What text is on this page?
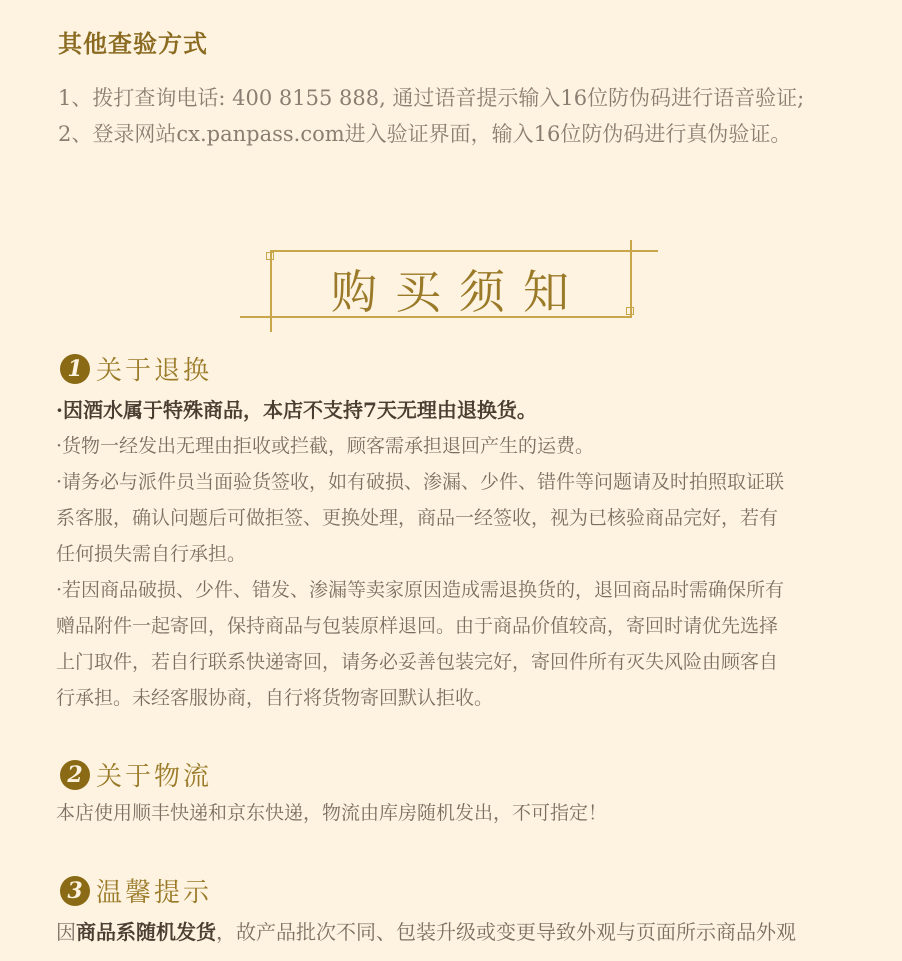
其他查验方式
1、拨打查询电话: 400 8155 888, 通过语音提示输入16位防伪码进行语音验证;
2、登录网站cx.panpass.com进入验证界面，输入16位防伪码进行真伪验证。
购买须知
1 关于退换
·因酒水属于特殊商品，本店不支持7天无理由退换货。
·货物一经发出无理由拒收或拦截，顾客需承担退回产生的运费。
·请务必与派件员当面验货签收，如有破损、渗漏、少件、错件等问题请及时拍照取证联
系客服，确认问题后可做拒签、更换处理，商品一经签收，视为已核验商品完好，若有
任何损失需自行承担。
·若因商品破损、少件、错发、渗漏等卖家原因造成需退换货的，退回商品时需确保所有
赠品附件一起寄回，保持商品与包装原样退回。由于商品价值较高，寄回时请优先选择
上门取件，若自行联系快递寄回，请务必妥善包装完好，寄回件所有灭失风险由顾客自
行承担。未经客服协商，自行将货物寄回默认拒收。
2 关于物流
本店使用顺丰快递和京东快递，物流由库房随机发出，不可指定！
3 温馨提示
因商品系随机发货，故产品批次不同、包装升级或变更导致外观与页面所示商品外观
